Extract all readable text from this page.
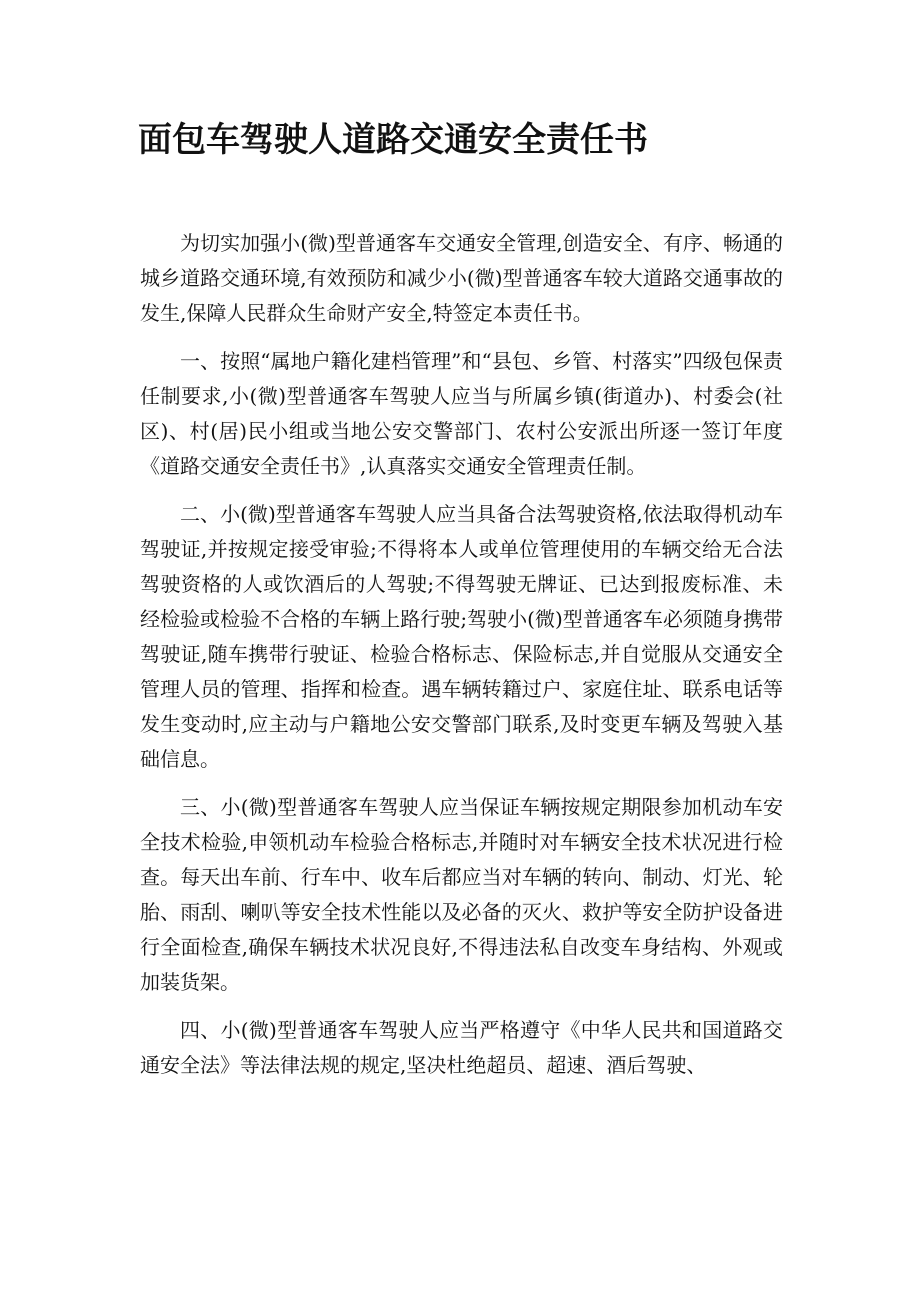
面包车驾驶人道路交通安全责任书

为切实加强小(微)型普通客车交通安全管理,创造安全、有序、畅通的城乡道路交通环境,有效预防和减少小(微)型普通客车较大道路交通事故的发生,保障人民群众生命财产安全,特签定本责任书。

一、按照“属地户籍化建档管理”和“县包、乡管、村落实”四级包保责任制要求,小(微)型普通客车驾驶人应当与所属乡镇(街道办)、村委会(社区)、村(居)民小组或当地公安交警部门、农村公安派出所逐一签订年度《道路交通安全责任书》,认真落实交通安全管理责任制。

二、小(微)型普通客车驾驶人应当具备合法驾驶资格,依法取得机动车驾驶证,并按规定接受审验;不得将本人或单位管理使用的车辆交给无合法驾驶资格的人或饮酒后的人驾驶;不得驾驶无牌证、已达到报废标准、未经检验或检验不合格的车辆上路行驶;驾驶小(微)型普通客车必须随身携带驾驶证,随车携带行驶证、检验合格标志、保险标志,并自觉服从交通安全管理人员的管理、指挥和检查。遇车辆转籍过户、家庭住址、联系电话等发生变动时,应主动与户籍地公安交警部门联系,及时变更车辆及驾驶入基础信息。

三、小(微)型普通客车驾驶人应当保证车辆按规定期限参加机动车安全技术检验,申领机动车检验合格标志,并随时对车辆安全技术状况进行检查。每天出车前、行车中、收车后都应当对车辆的转向、制动、灯光、轮胎、雨刮、喇叭等安全技术性能以及必备的灭火、救护等安全防护设备进行全面检查,确保车辆技术状况良好,不得违法私自改变车身结构、外观或加装货架。

四、小(微)型普通客车驾驶人应当严格遵守《中华人民共和国道路交通安全法》等法律法规的规定,坚决杜绝超员、超速、酒后驾驶、
